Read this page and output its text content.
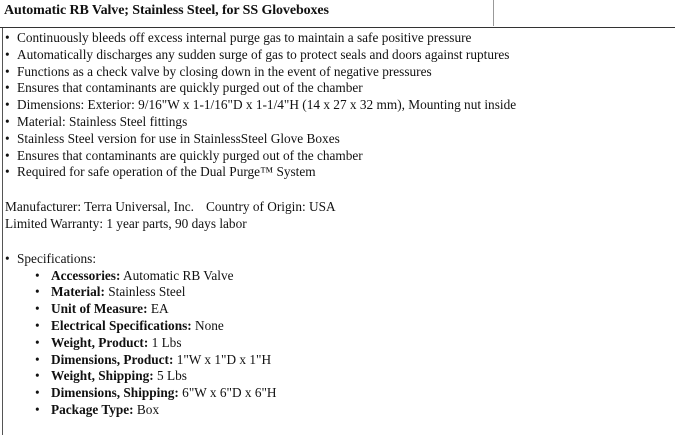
Automatic RB Valve; Stainless Steel, for SS Gloveboxes
• Continuously bleeds off excess internal purge gas to maintain a safe positive pressure
• Automatically discharges any sudden surge of gas to protect seals and doors against ruptures
• Functions as a check valve by closing down in the event of negative pressures
• Ensures that contaminants are quickly purged out of the chamber
• Dimensions: Exterior: 9/16"W x 1-1/16"D x 1-1/4"H (14 x 27 x 32 mm), Mounting nut inside
• Material: Stainless Steel fittings
• Stainless Steel version for use in StainlessSteel Glove Boxes
• Ensures that contaminants are quickly purged out of the chamber
• Required for safe operation of the Dual Purge™ System
Manufacturer: Terra Universal, Inc. Country of Origin: USA
Limited Warranty: 1 year parts, 90 days labor
• Specifications:
• Accessories: Automatic RB Valve
• Material: Stainless Steel
• Unit of Measure: EA
• Electrical Specifications: None
• Weight, Product: 1 Lbs
• Dimensions, Product: 1"W x 1"D x 1"H
• Weight, Shipping: 5 Lbs
• Dimensions, Shipping: 6"W x 6"D x 6"H
• Package Type: Box
